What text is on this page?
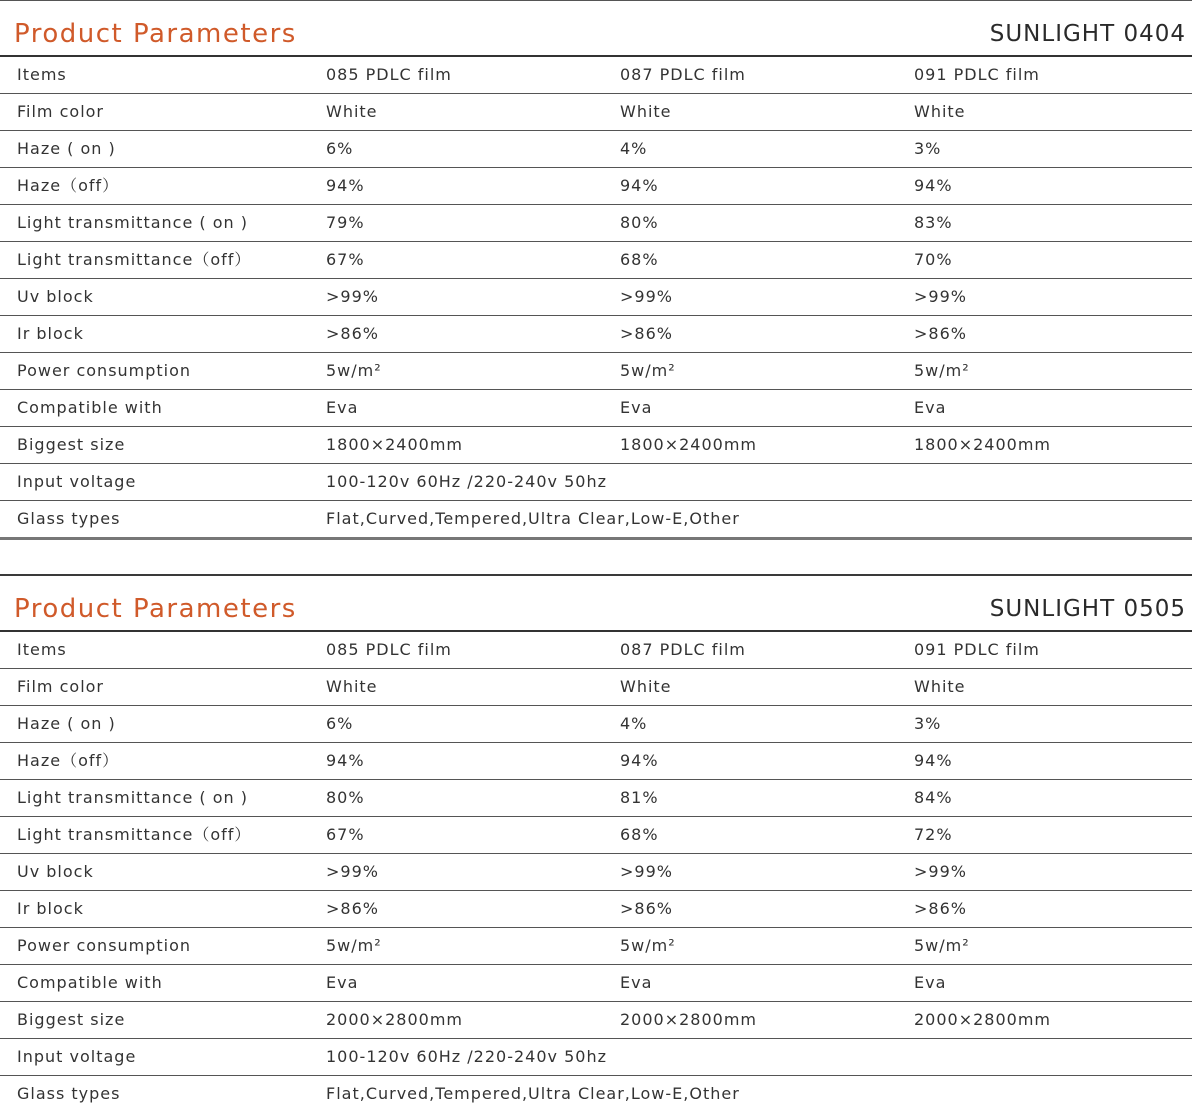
Product Parameters	SUNLIGHT 0404
Items	085 PDLC film	087 PDLC film	091 PDLC film
Film color	White	White	White
Haze ( on )	6%	4%	3%
Haze（off）	94%	94%	94%
Light transmittance ( on )	79%	80%	83%
Light transmittance（off）	67%	68%	70%
Uv block	>99%	>99%	>99%
Ir block	>86%	>86%	>86%
Power consumption	5w/m²	5w/m²	5w/m²
Compatible with	Eva	Eva	Eva
Biggest size	1800×2400mm	1800×2400mm	1800×2400mm
Input voltage	100-120v 60Hz /220-240v 50hz
Glass types	Flat,Curved,Tempered,Ultra Clear,Low-E,Other
Product Parameters	SUNLIGHT 0505
Items	085 PDLC film	087 PDLC film	091 PDLC film
Film color	White	White	White
Haze ( on )	6%	4%	3%
Haze（off）	94%	94%	94%
Light transmittance ( on )	80%	81%	84%
Light transmittance（off）	67%	68%	72%
Uv block	>99%	>99%	>99%
Ir block	>86%	>86%	>86%
Power consumption	5w/m²	5w/m²	5w/m²
Compatible with	Eva	Eva	Eva
Biggest size	2000×2800mm	2000×2800mm	2000×2800mm
Input voltage	100-120v 60Hz /220-240v 50hz
Glass types	Flat,Curved,Tempered,Ultra Clear,Low-E,Other
